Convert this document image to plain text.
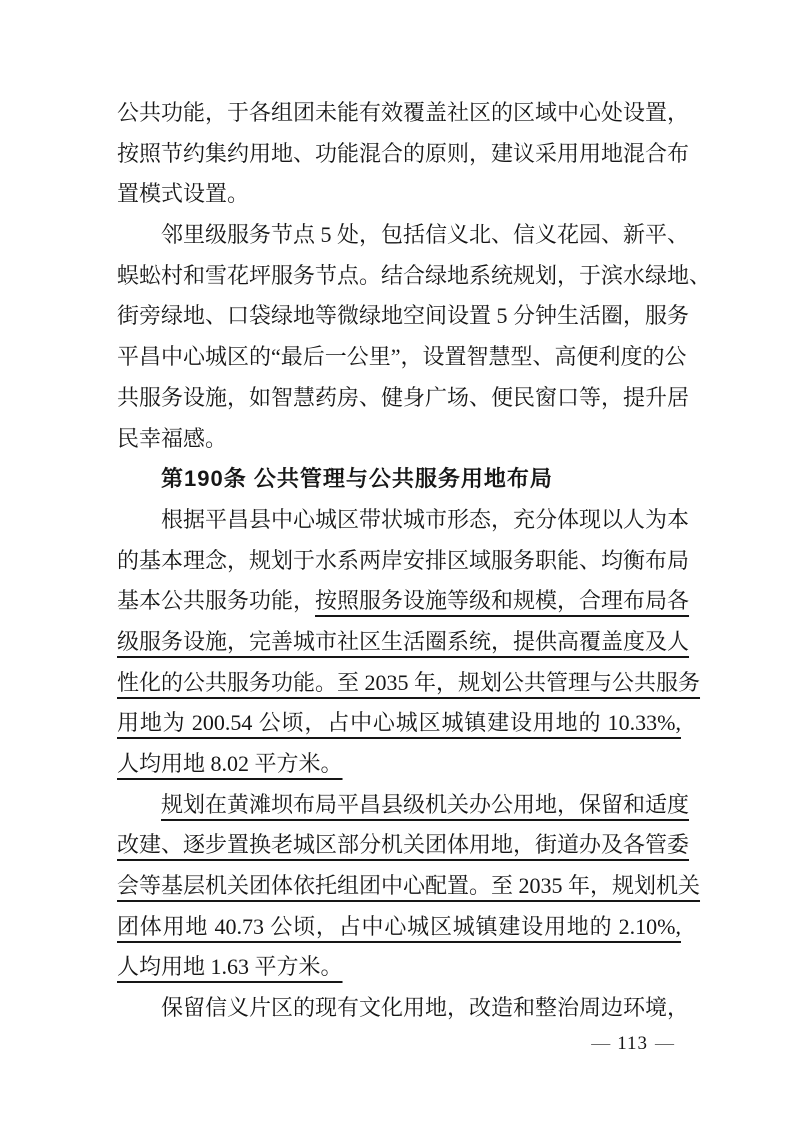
公共功能，于各组团未能有效覆盖社区的区域中心处设置，
按照节约集约用地、功能混合的原则，建议采用用地混合布
置模式设置。
邻里级服务节点 5 处，包括信义北、信义花园、新平、
蜈蚣村和雪花坪服务节点。结合绿地系统规划，于滨水绿地、
街旁绿地、口袋绿地等微绿地空间设置 5 分钟生活圈，服务
平昌中心城区的“最后一公里”，设置智慧型、高便利度的公
共服务设施，如智慧药房、健身广场、便民窗口等，提升居
民幸福感。
第190条 公共管理与公共服务用地布局
根据平昌县中心城区带状城市形态，充分体现以人为本
的基本理念，规划于水系两岸安排区域服务职能、均衡布局
基本公共服务功能，按照服务设施等级和规模，合理布局各
级服务设施，完善城市社区生活圈系统，提供高覆盖度及人
性化的公共服务功能。至 2035 年，规划公共管理与公共服务
用地为 200.54 公顷，占中心城区城镇建设用地的 10.33%,
人均用地 8.02 平方米。
规划在黄滩坝布局平昌县级机关办公用地，保留和适度
改建、逐步置换老城区部分机关团体用地，街道办及各管委
会等基层机关团体依托组团中心配置。至 2035 年，规划机关
团体用地 40.73 公顷，占中心城区城镇建设用地的 2.10%,
人均用地 1.63 平方米。
保留信义片区的现有文化用地，改造和整治周边环境，
— 113 —
